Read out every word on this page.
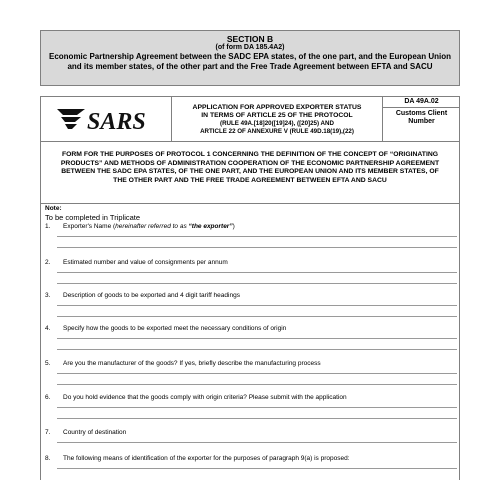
SECTION B
(of form DA 185.4A2)
Economic Partnership Agreement between the SADC EPA states, of the one part, and the European Union and its member states, of the other part and the Free Trade Agreement between EFTA and SACU
SARS
APPLICATION FOR APPROVED EXPORTER STATUS
IN TERMS OF ARTICLE 25 OF THE PROTOCOL
(RULE 49A.[18]20([19]24), ([20]25) AND
ARTICLE 22 OF ANNEXURE V (RULE 49D.18(19),(22)
DA 49A.02
Customs Client Number
FORM FOR THE PURPOSES OF PROTOCOL 1 CONCERNING THE DEFINITION OF THE CONCEPT OF “ORIGINATING PRODUCTS” AND METHODS OF ADMINISTRATION COOPERATION OF THE ECONOMIC PARTNERSHIP AGREEMENT BETWEEN THE SADC EPA STATES, OF THE ONE PART, AND THE EUROPEAN UNION AND ITS MEMBER STATES, OF THE OTHER PART AND THE FREE TRADE AGREEMENT BETWEEN EFTA AND SACU
Note:
To be completed in Triplicate
1. Exporter's Name (hereinafter referred to as “the exporter”)
2. Estimated number and value of consignments per annum
3. Description of goods to be exported and 4 digit tariff headings
4. Specify how the goods to be exported meet the necessary conditions of origin
5. Are you the manufacturer of the goods? If yes, briefly describe the manufacturing process
6. Do you hold evidence that the goods comply with origin criteria? Please submit with the application
7. Country of destination
8. The following means of identification of the exporter for the purposes of paragraph 9(a) is proposed:
